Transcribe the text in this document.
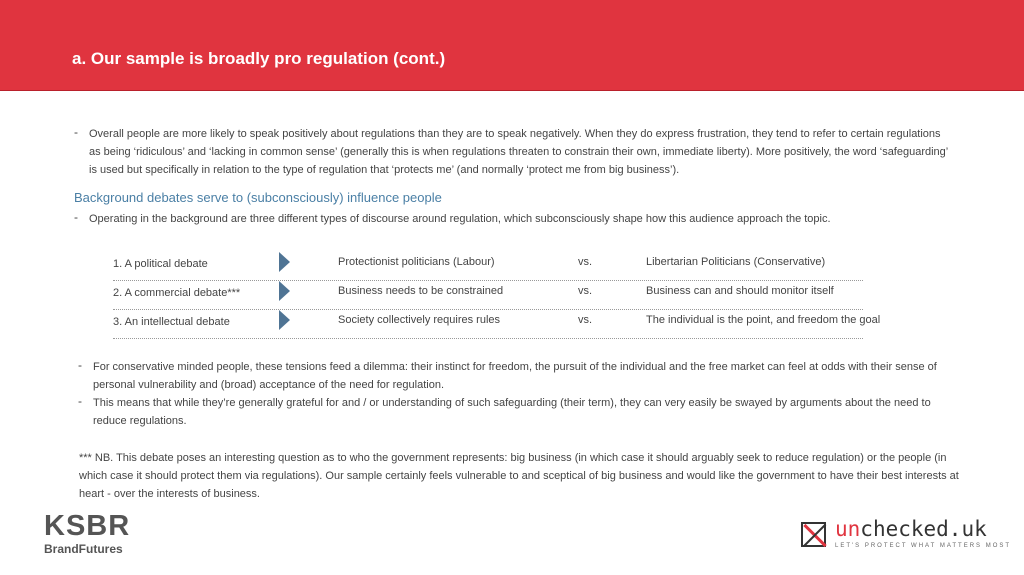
a. Our sample is broadly pro regulation (cont.)
- Overall people are more likely to speak positively about regulations than they are to speak negatively. When they do express frustration, they tend to refer to certain regulations as being ‘ridiculous’ and ‘lacking in common sense’ (generally this is when regulations threaten to constrain their own, immediate liberty). More positively, the word ‘safeguarding’ is used but specifically in relation to the type of regulation that ‘protects me’ (and normally ‘protect me from big business’).
Background debates serve to (subconsciously) influence people
- Operating in the background are three different types of discourse around regulation, which subconsciously shape how this audience approach the topic.
1. A political debate	Protectionist politicians (Labour)	vs.	Libertarian Politicians (Conservative)
2. A commercial debate***	Business needs to be constrained	vs.	Business can and should monitor itself
3. An intellectual debate	Society collectively requires rules	vs.	The individual is the point, and freedom the goal
- For conservative minded people, these tensions feed a dilemma: their instinct for freedom, the pursuit of the individual and the free market can feel at odds with their sense of personal vulnerability and (broad) acceptance of the need for regulation.
- This means that while they’re generally grateful for and / or understanding of such safeguarding (their term), they can very easily be swayed by arguments about the need to reduce regulations.
*** NB. This debate poses an interesting question as to who the government represents: big business (in which case it should arguably seek to reduce regulation) or the people (in which case it should protect them via regulations). Our sample certainly feels vulnerable to and sceptical of big business and would like the government to have their best interests at heart - over the interests of business.
KSBR
BrandFutures
unchecked.uk
LET'S PROTECT WHAT MATTERS MOST
